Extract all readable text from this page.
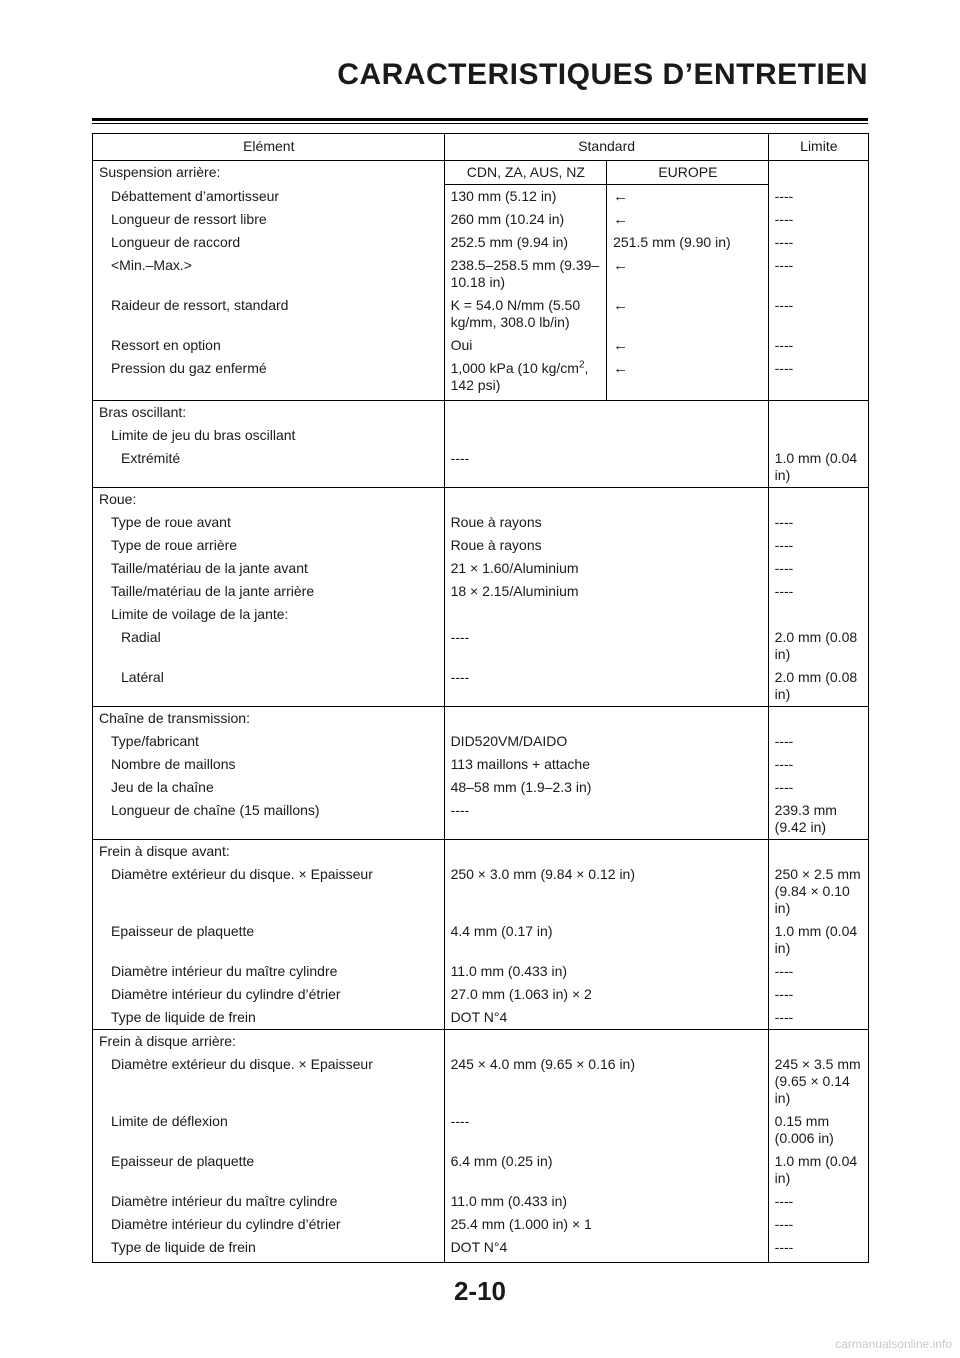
CARACTERISTIQUES D’ENTRETIEN
Elément	Standard		Limite
Suspension arrière:	CDN, ZA, AUS, NZ	EUROPE	
Débattement d’amortisseur	130 mm (5.12 in)	←	----
Longueur de ressort libre	260 mm (10.24 in)	←	----
Longueur de raccord	252.5 mm (9.94 in)	251.5 mm (9.90 in)	----
<Min.–Max.>	238.5–258.5 mm (9.39–10.18 in)	←	----
Raideur de ressort, standard	K = 54.0 N/mm (5.50 kg/mm, 308.0 lb/in)	←	----
Ressort en option	Oui	←	----
Pression du gaz enfermé	1,000 kPa (10 $kg/cm^2$, 142 psi)	←	----
Bras oscillant:			
Limite de jeu du bras oscillant			
Extrémité	----		1.0 mm (0.04 in)
Roue:			
Type de roue avant	Roue à rayons		----
Type de roue arrière	Roue à rayons		----
Taille/matériau de la jante avant	21 × 1.60/Aluminium		----
Taille/matériau de la jante arrière	18 × 2.15/Aluminium		----
Limite de voilage de la jante:			
Radial	----		2.0 mm (0.08 in)
Latéral	----		2.0 mm (0.08 in)
Chaîne de transmission:			
Type/fabricant	DID520VM/DAIDO		----
Nombre de maillons	113 maillons + attache		----
Jeu de la chaîne	48–58 mm (1.9–2.3 in)		----
Longueur de chaîne (15 maillons)	----		239.3 mm (9.42 in)
Frein à disque avant:			
Diamètre extérieur du disque. × Epaisseur	250 × 3.0 mm (9.84 × 0.12 in)		250 × 2.5 mm (9.84 × 0.10 in)
Epaisseur de plaquette	4.4 mm (0.17 in)		1.0 mm (0.04 in)
Diamètre intérieur du maître cylindre	11.0 mm (0.433 in)		----
Diamètre intérieur du cylindre d’étrier	27.0 mm (1.063 in) × 2		----
Type de liquide de frein	DOT N°4		----
Frein à disque arrière:			
Diamètre extérieur du disque. × Epaisseur	245 × 4.0 mm (9.65 × 0.16 in)		245 × 3.5 mm (9.65 × 0.14 in)
Limite de déflexion	----		0.15 mm (0.006 in)
Epaisseur de plaquette	6.4 mm (0.25 in)		1.0 mm (0.04 in)
Diamètre intérieur du maître cylindre	11.0 mm (0.433 in)		----
Diamètre intérieur du cylindre d’étrier	25.4 mm (1.000 in) × 1		----
Type de liquide de frein	DOT N°4		----
2-10
carmanualsonline.info
